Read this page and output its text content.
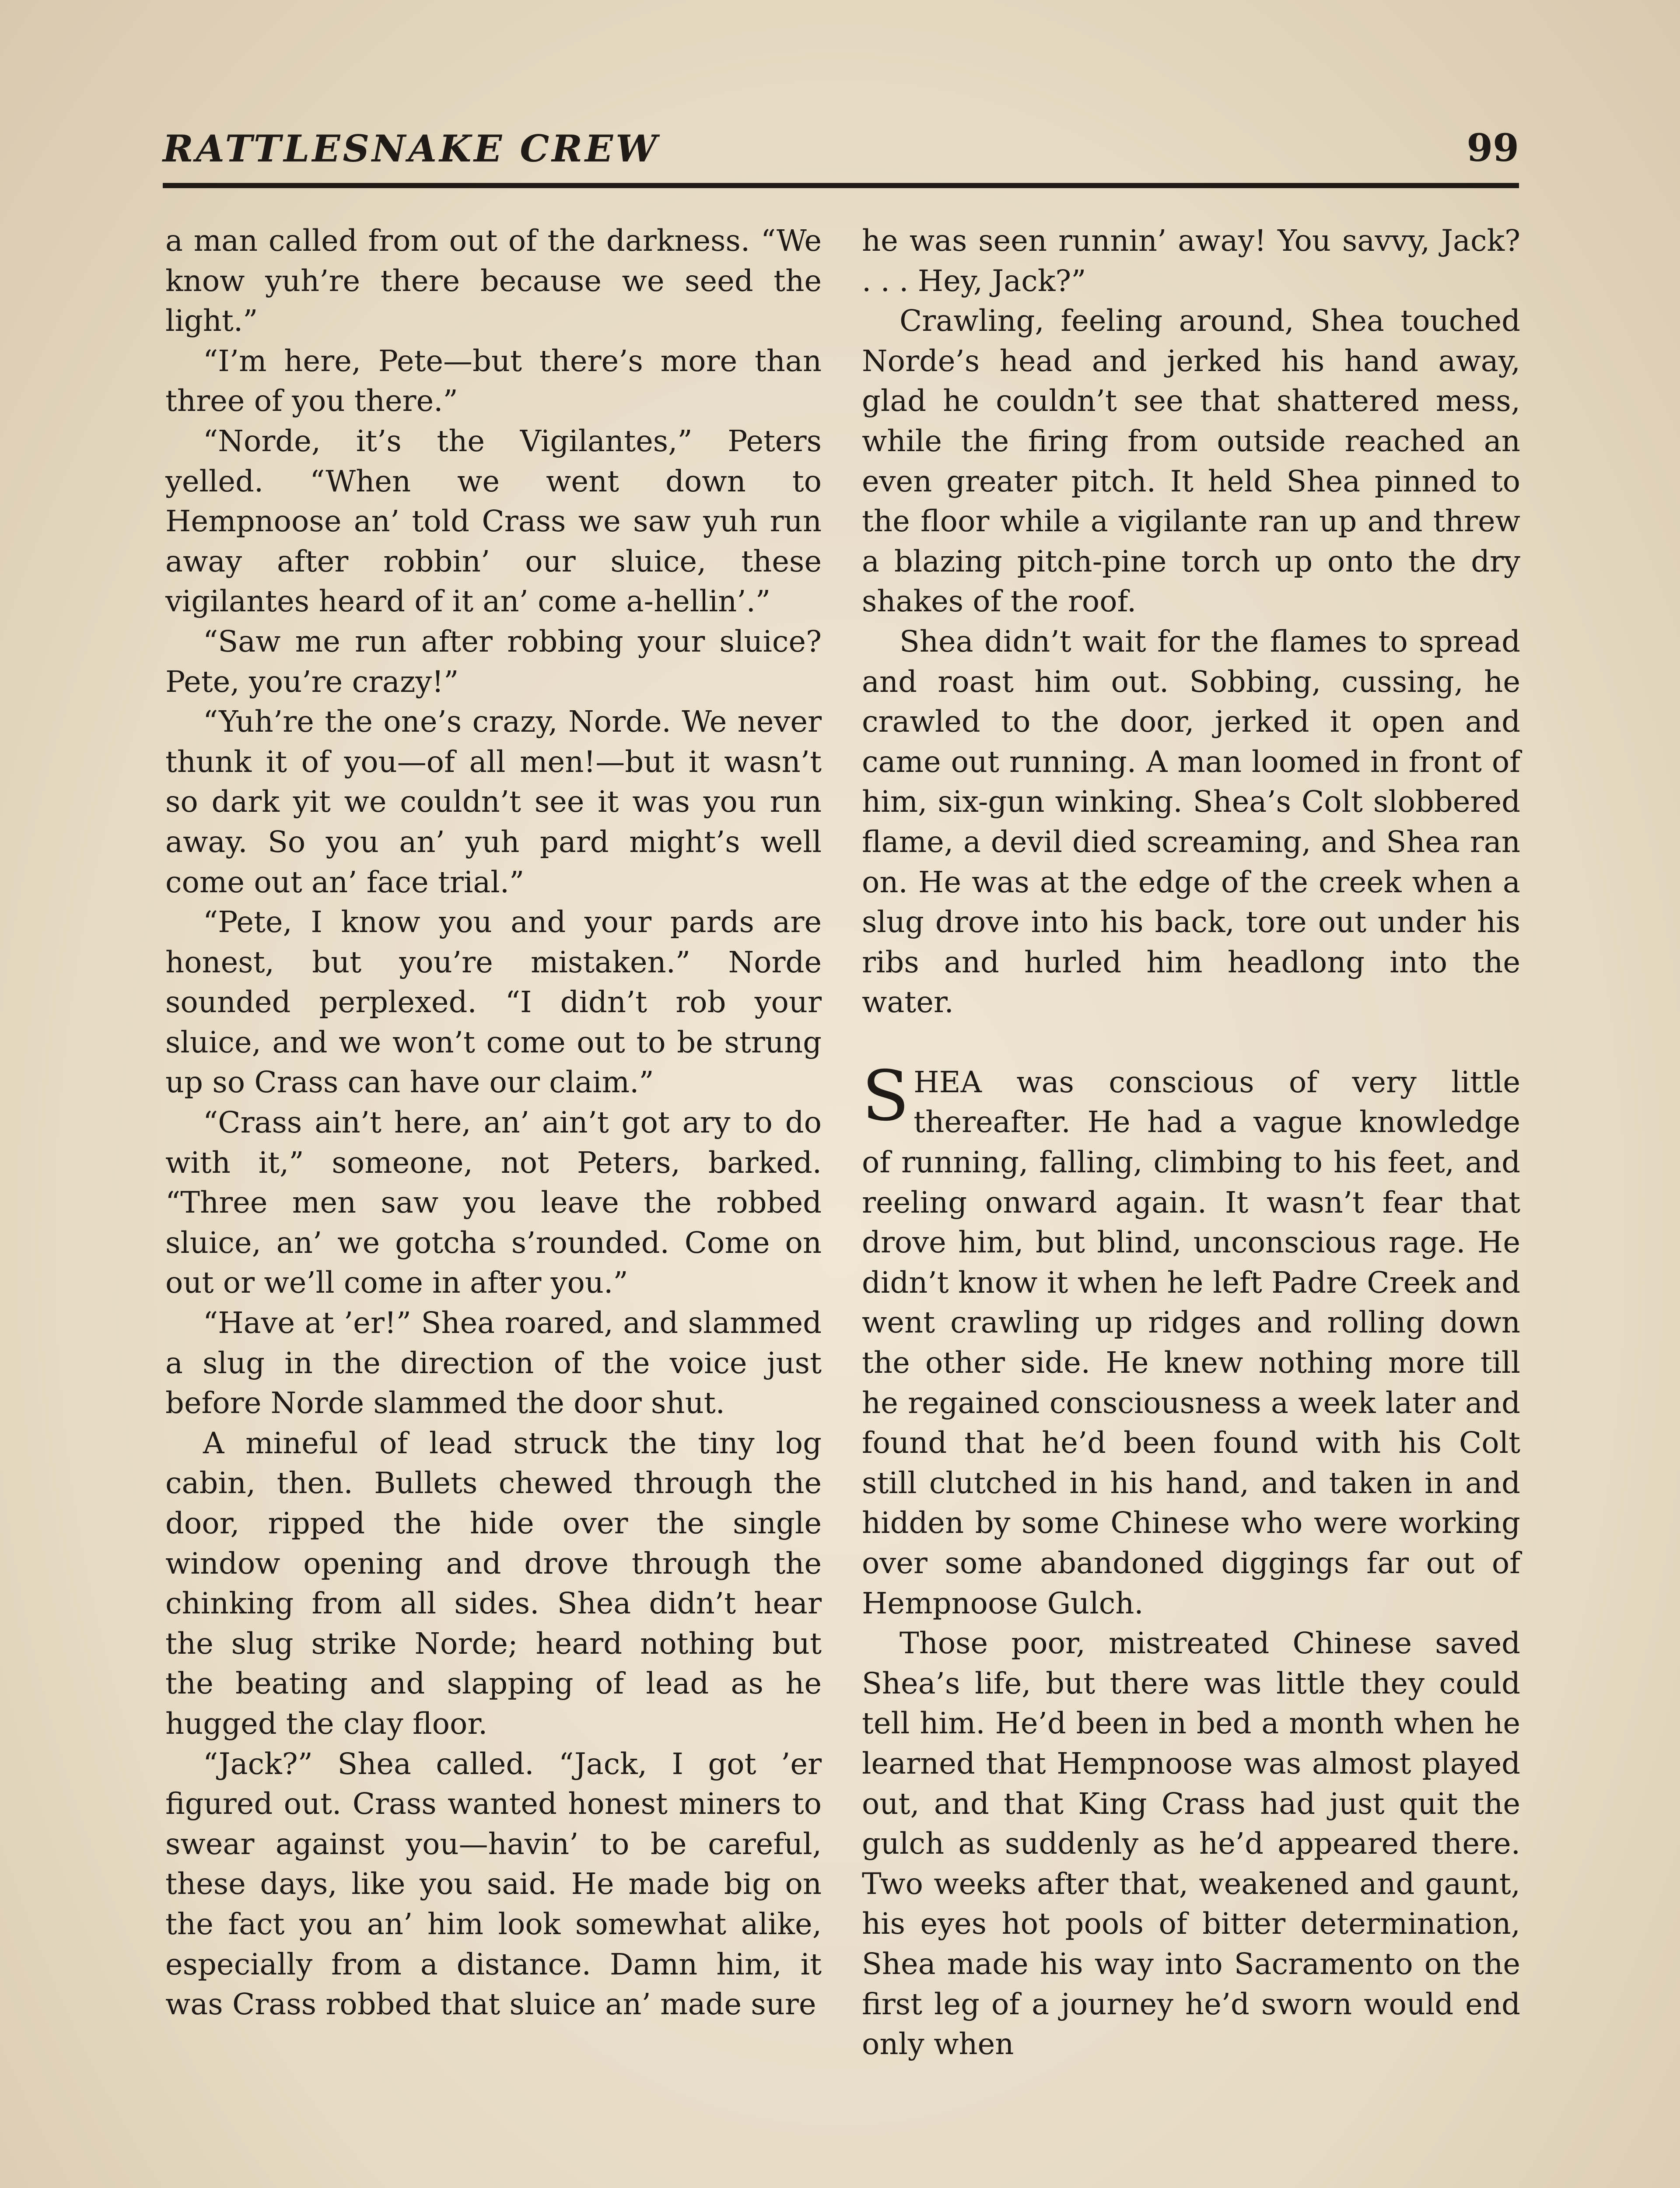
RATTLESNAKE CREW	99

a man called from out of the darkness. “We know yuh’re there because we seed the light.”

“I’m here, Pete—but there’s more than three of you there.”

“Norde, it’s the Vigilantes,” Peters yelled. “When we went down to Hempnoose an’ told Crass we saw yuh run away after robbin’ our sluice, these vigilantes heard of it an’ come a-hellin’.”

“Saw me run after robbing your sluice? Pete, you’re crazy!”

“Yuh’re the one’s crazy, Norde. We never thunk it of you—of all men!—but it wasn’t so dark yit we couldn’t see it was you run away. So you an’ yuh pard might’s well come out an’ face trial.”

“Pete, I know you and your pards are honest, but you’re mistaken.” Norde sounded perplexed. “I didn’t rob your sluice, and we won’t come out to be strung up so Crass can have our claim.”

“Crass ain’t here, an’ ain’t got ary to do with it,” someone, not Peters, barked. “Three men saw you leave the robbed sluice, an’ we gotcha s’rounded. Come on out or we’ll come in after you.”

“Have at ’er!” Shea roared, and slammed a slug in the direction of the voice just before Norde slammed the door shut.

A mineful of lead struck the tiny log cabin, then. Bullets chewed through the door, ripped the hide over the single window opening and drove through the chinking from all sides. Shea didn’t hear the slug strike Norde; heard nothing but the beating and slapping of lead as he hugged the clay floor.

“Jack?” Shea called. “Jack, I got ’er figured out. Crass wanted honest miners to swear against you—havin’ to be careful, these days, like you said. He made big on the fact you an’ him look somewhat alike, especially from a distance. Damn him, it was Crass robbed that sluice an’ made sure

he was seen runnin’ away! You savvy, Jack? . . . Hey, Jack?”

Crawling, feeling around, Shea touched Norde’s head and jerked his hand away, glad he couldn’t see that shattered mess, while the firing from outside reached an even greater pitch. It held Shea pinned to the floor while a vigilante ran up and threw a blazing pitch-pine torch up onto the dry shakes of the roof.

Shea didn’t wait for the flames to spread and roast him out. Sobbing, cussing, he crawled to the door, jerked it open and came out running. A man loomed in front of him, six-gun winking. Shea’s Colt slobbered flame, a devil died screaming, and Shea ran on. He was at the edge of the creek when a slug drove into his back, tore out under his ribs and hurled him headlong into the water.

SHEA was conscious of very little thereafter. He had a vague knowledge of running, falling, climbing to his feet, and reeling onward again. It wasn’t fear that drove him, but blind, unconscious rage. He didn’t know it when he left Padre Creek and went crawling up ridges and rolling down the other side. He knew nothing more till he regained consciousness a week later and found that he’d been found with his Colt still clutched in his hand, and taken in and hidden by some Chinese who were working over some abandoned diggings far out of Hempnoose Gulch.

Those poor, mistreated Chinese saved Shea’s life, but there was little they could tell him. He’d been in bed a month when he learned that Hempnoose was almost played out, and that King Crass had just quit the gulch as suddenly as he’d appeared there. Two weeks after that, weakened and gaunt, his eyes hot pools of bitter determination, Shea made his way into Sacramento on the first leg of a journey he’d sworn would end only when
